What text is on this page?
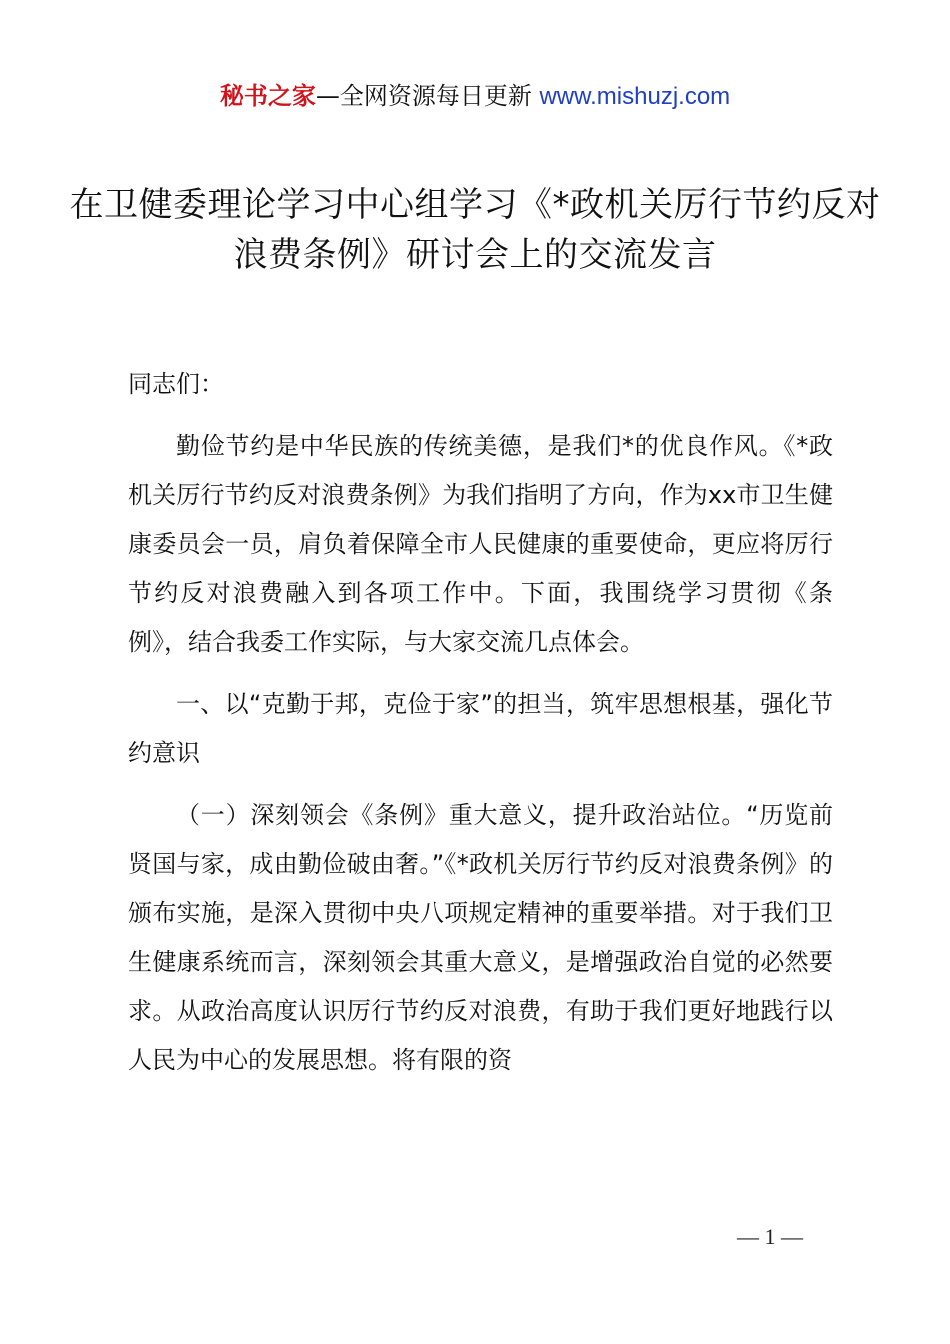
秘书之家—全网资源每日更新 www.mishuzj.com
在卫健委理论学习中心组学习《*政机关厉行节约反对浪费条例》研讨会上的交流发言

同志们：

勤俭节约是中华民族的传统美德，是我们*的优良作风。《*政机关厉行节约反对浪费条例》为我们指明了方向，作为xx市卫生健康委员会一员，肩负着保障全市人民健康的重要使命，更应将厉行节约反对浪费融入到各项工作中。下面，我围绕学习贯彻《条例》，结合我委工作实际，与大家交流几点体会。

一、以“克勤于邦，克俭于家”的担当，筑牢思想根基，强化节约意识

（一）深刻领会《条例》重大意义，提升政治站位。“历览前贤国与家，成由勤俭破由奢。”《*政机关厉行节约反对浪费条例》的颁布实施，是深入贯彻中央八项规定精神的重要举措。对于我们卫生健康系统而言，深刻领会其重大意义，是增强政治自觉的必然要求。从政治高度认识厉行节约反对浪费，有助于我们更好地践行以人民为中心的发展思想。将有限的资

— 1 —
